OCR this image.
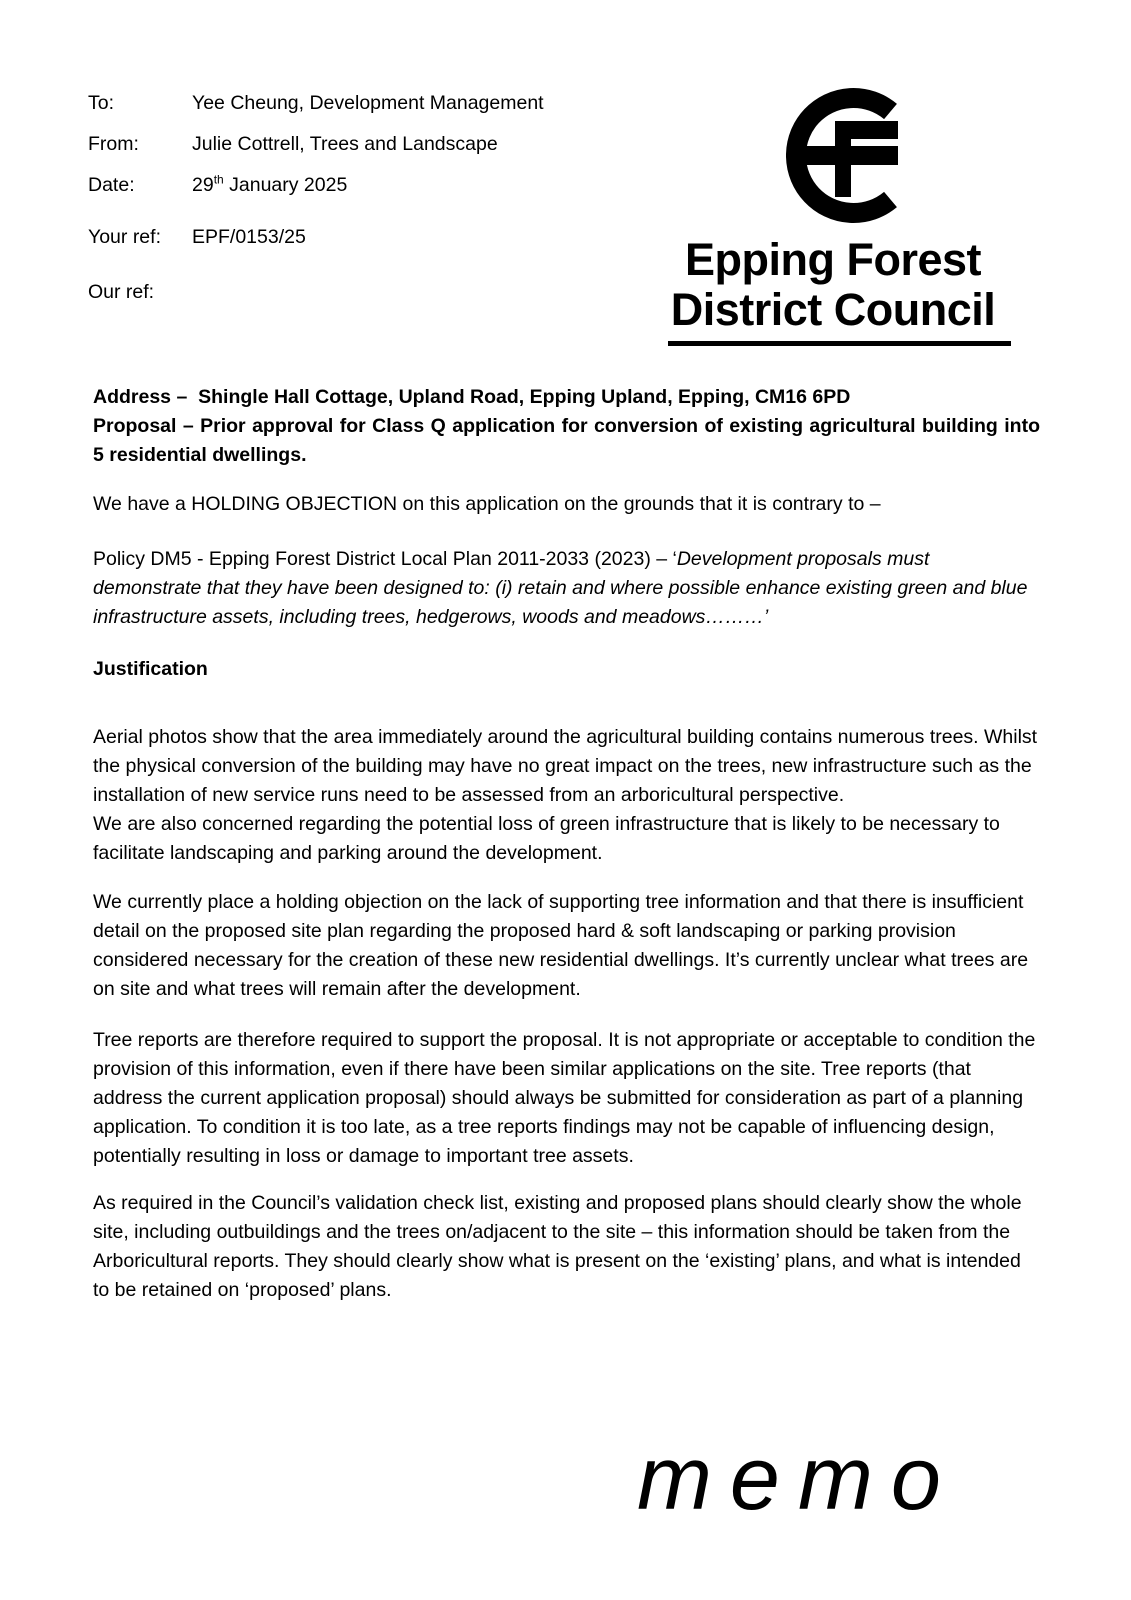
To:	Yee Cheung, Development Management
From:	Julie Cottrell, Trees and Landscape
Date:	29th January 2025
Your ref:	EPF/0153/25
Our ref:
Epping Forest
District Council

Address –  Shingle Hall Cottage, Upland Road, Epping Upland, Epping, CM16 6PD

Proposal – Prior approval for Class Q application for conversion of existing agricultural building into 5 residential dwellings.

We have a HOLDING OBJECTION on this application on the grounds that it is contrary to –

Policy DM5 - Epping Forest District Local Plan 2011-2033 (2023) – ‘Development proposals must demonstrate that they have been designed to: (i) retain and where possible enhance existing green and blue infrastructure assets, including trees, hedgerows, woods and meadows………’

Justification

Aerial photos show that the area immediately around the agricultural building contains numerous trees. Whilst the physical conversion of the building may have no great impact on the trees, new infrastructure such as the installation of new service runs need to be assessed from an arboricultural perspective.

We are also concerned regarding the potential loss of green infrastructure that is likely to be necessary to facilitate landscaping and parking around the development.

We currently place a holding objection on the lack of supporting tree information and that there is insufficient detail on the proposed site plan regarding the proposed hard & soft landscaping or parking provision considered necessary for the creation of these new residential dwellings. It’s currently unclear what trees are on site and what trees will remain after the development.

Tree reports are therefore required to support the proposal. It is not appropriate or acceptable to condition the provision of this information, even if there have been similar applications on the site. Tree reports (that address the current application proposal) should always be submitted for consideration as part of a planning application. To condition it is too late, as a tree reports findings may not be capable of influencing design, potentially resulting in loss or damage to important tree assets.

As required in the Council’s validation check list, existing and proposed plans should clearly show the whole site, including outbuildings and the trees on/adjacent to the site – this information should be taken from the Arboricultural reports. They should clearly show what is present on the ‘existing’ plans, and what is intended to be retained on ‘proposed’ plans.

memo
